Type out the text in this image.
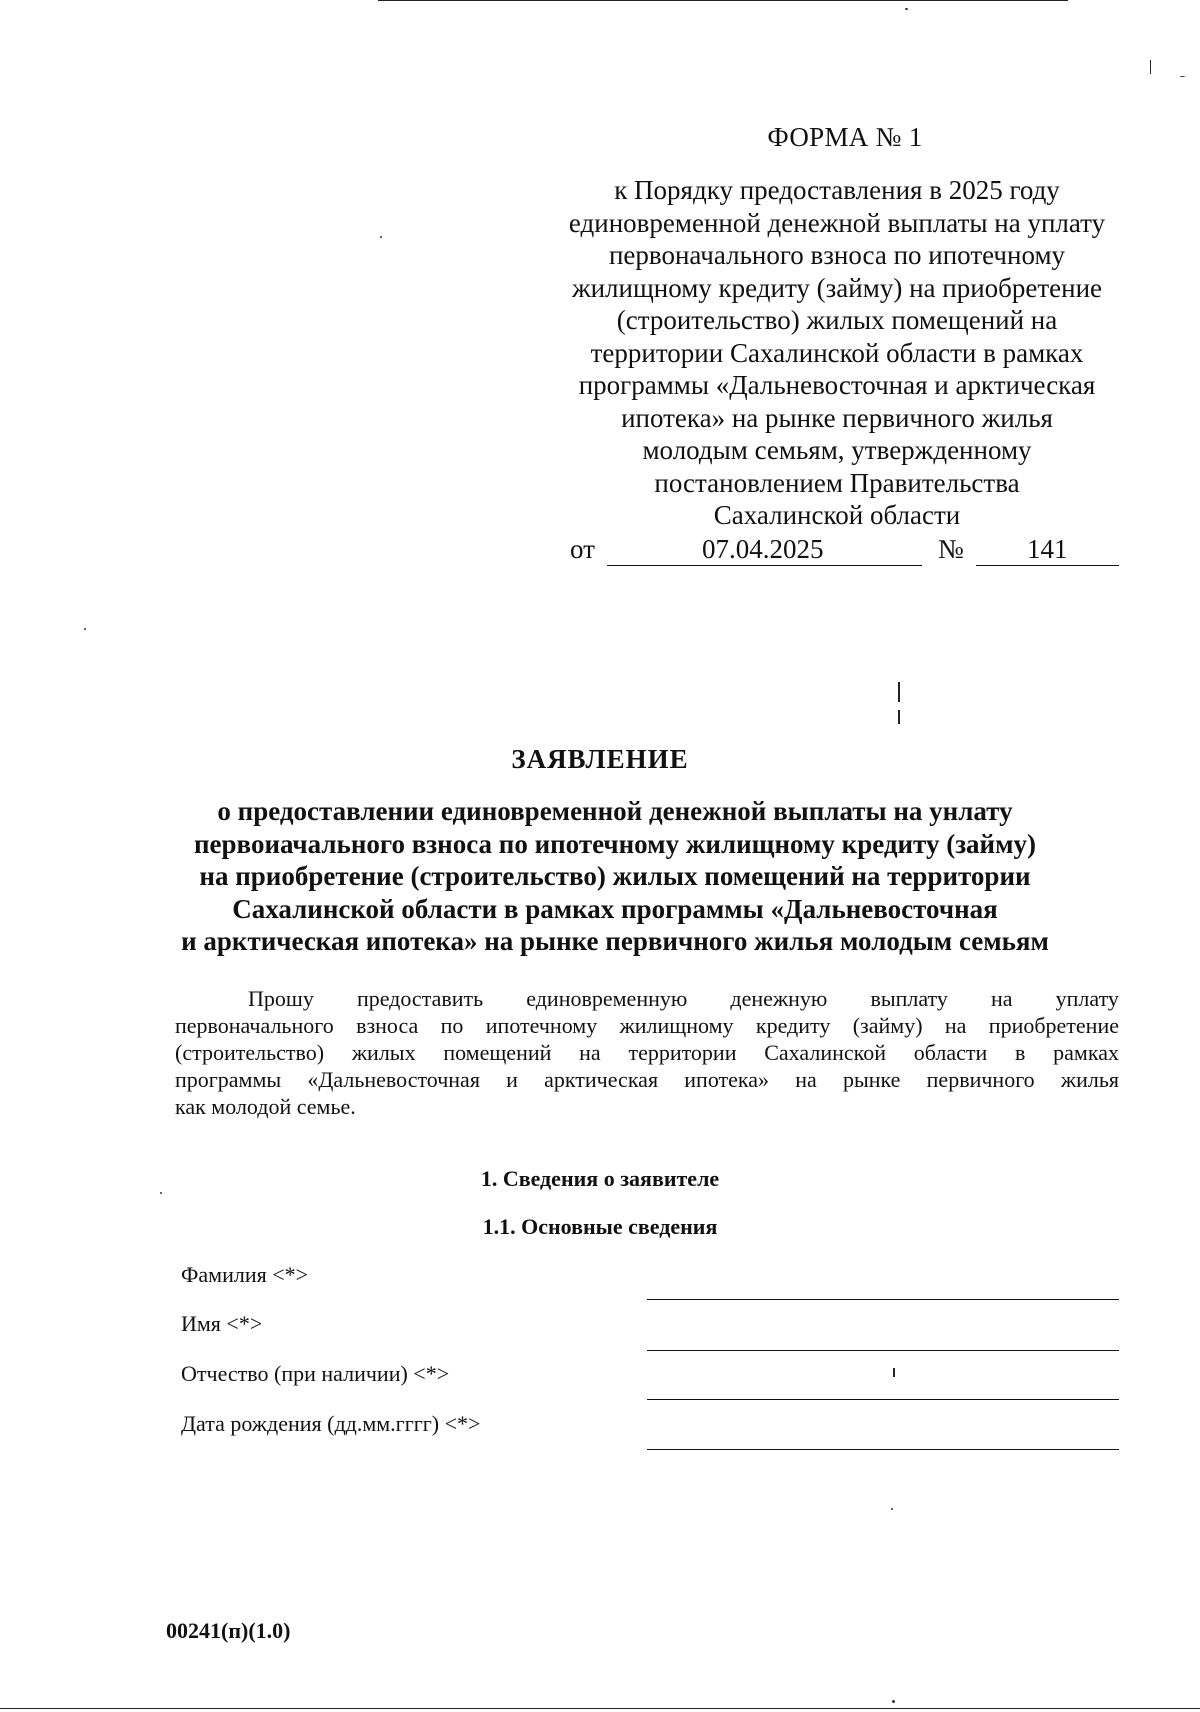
ФОРМА № 1
к Порядку предоставления в 2025 году
единовременной денежной выплаты на уплату
первоначального взноса по ипотечному
жилищному кредиту (займу) на приобретение
(строительство) жилых помещений на
территории Сахалинской области в рамках
программы «Дальневосточная и арктическая
ипотека» на рынке первичного жилья
молодым семьям, утвержденному
постановлением Правительства
Сахалинской области
от	07.04.2025	№ 141
ЗАЯВЛЕНИЕ
о предоставлении единовременной денежной выплаты на унлату
первоиачального взноса по ипотечному жилищному кредиту (займу)
на приобретение (строительство) жилых помещений на территории
Сахалинской области в рамках программы «Дальневосточная
и арктическая ипотека» на рынке первичного жилья молодым семьям
Прошу предоставить единовременную денежную выплату на уплату
первоначального взноса по ипотечному жилищному кредиту (займу) на приобретение
(строительство) жилых помещений на территории Сахалинской области в рамках
программы «Дальневосточная и арктическая ипотека» на рынке первичного жилья
как молодой семье.
1. Сведения о заявителе
1.1. Основные сведения
Фамилия <*>
Имя <*>
Отчество (при наличии) <*>
Дата рождения (дд.мм.гггг) <*>
00241(п)(1.0)
